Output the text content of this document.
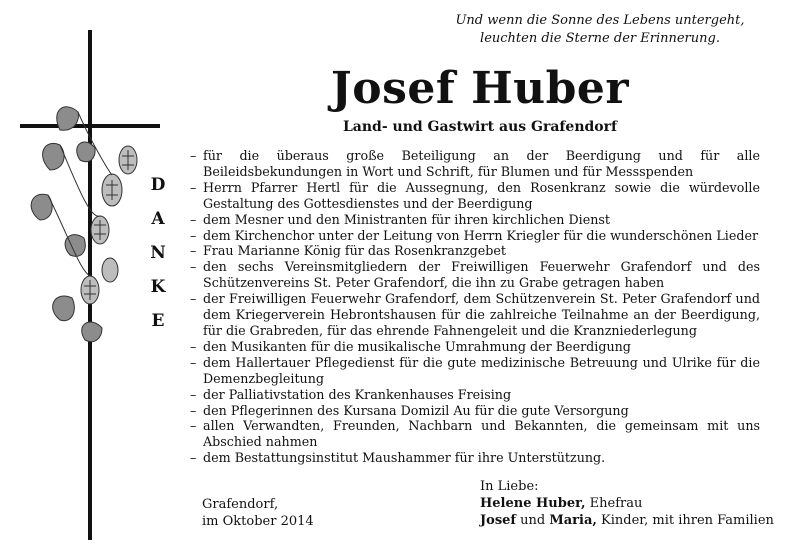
Und wenn die Sonne des Lebens untergeht,
leuchten die Sterne der Erinnerung.
Josef Huber
Land- und Gastwirt aus Grafendorf
D
A
N
K
E
– für die überaus große Beteiligung an der Beerdigung und für alle Beileidsbekundungen in Wort und Schrift, für Blumen und für Messspenden
– Herrn Pfarrer Hertl für die Aussegnung, den Rosenkranz sowie die würdevolle Gestaltung des Gottesdienstes und der Beerdigung
– dem Mesner und den Ministranten für ihren kirchlichen Dienst
– dem Kirchenchor unter der Leitung von Herrn Kriegler für die wunderschönen Lieder
– Frau Marianne König für das Rosenkranzgebet
– den sechs Vereinsmitgliedern der Freiwilligen Feuerwehr Grafendorf und des Schützenvereins St. Peter Grafendorf, die ihn zu Grabe getragen haben
– der Freiwilligen Feuerwehr Grafendorf, dem Schützenverein St. Peter Grafendorf und dem Kriegerverein Hebrontshausen für die zahlreiche Teilnahme an der Beerdigung, für die Grabreden, für das ehrende Fahnengeleit und die Kranzniederlegung
– den Musikanten für die musikalische Umrahmung der Beerdigung
– dem Hallertauer Pflegedienst für die gute medizinische Betreuung und Ulrike für die Demenzbegleitung
– der Palliativstation des Krankenhauses Freising
– den Pflegerinnen des Kursana Domizil Au für die gute Versorgung
– allen Verwandten, Freunden, Nachbarn und Bekannten, die gemeinsam mit uns Abschied nahmen
– dem Bestattungsinstitut Maushammer für ihre Unterstützung.
Grafendorf,
im Oktober 2014
In Liebe:
Helene Huber, Ehefrau
Josef und Maria, Kinder, mit ihren Familien
